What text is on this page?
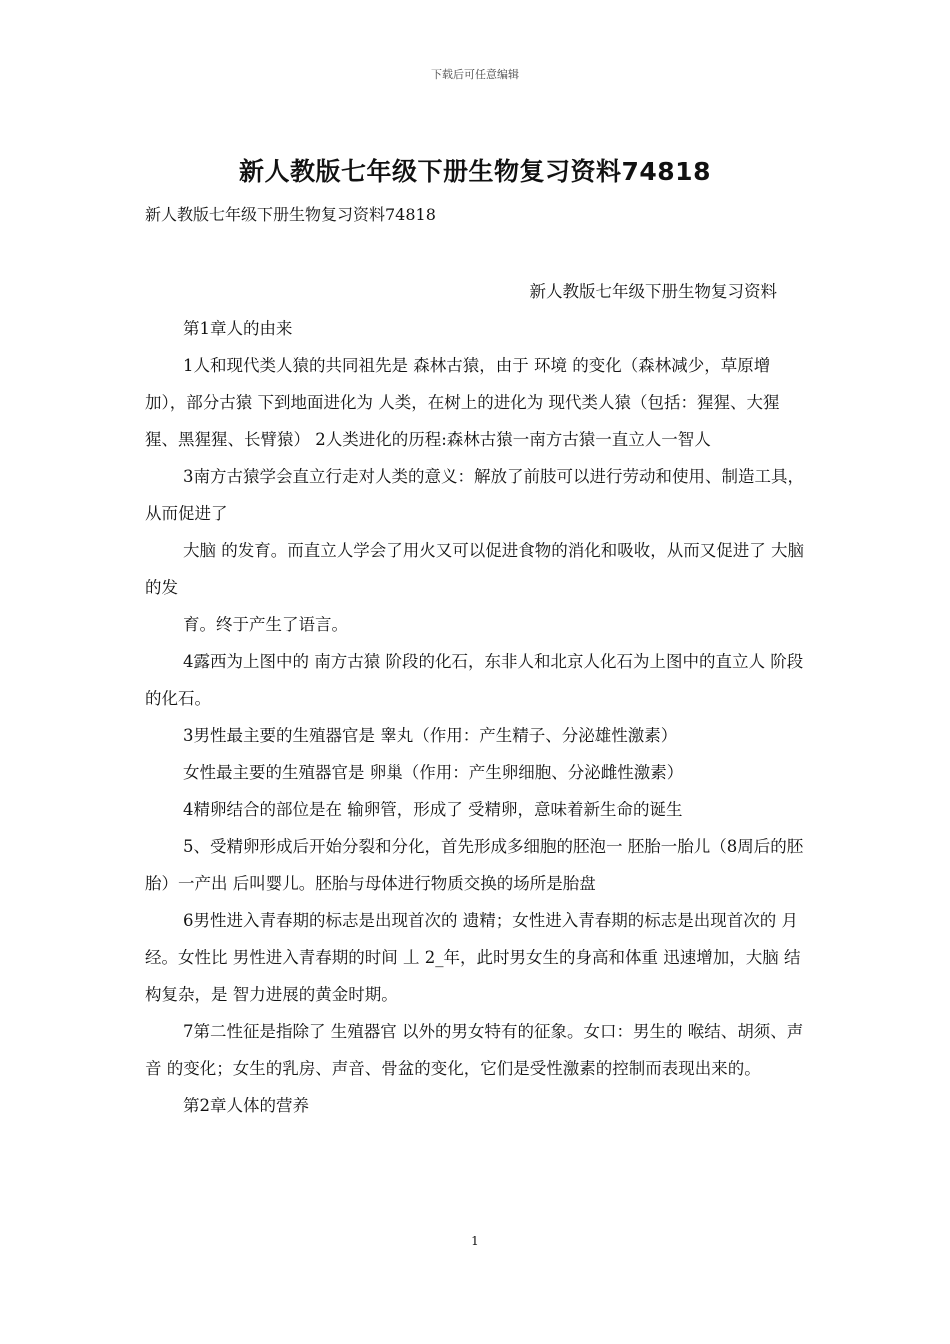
下载后可任意编辑
新人教版七年级下册生物复习资料74818
新人教版七年级下册生物复习资料74818

新人教版七年级下册生物复习资料

第1章人的由来

1人和现代类人猿的共同祖先是 森林古猿，由于 环境 的变化（森林减少，草原增加），部分古猿 下到地面进化为 人类，在树上的进化为 现代类人猿（包括：猩猩、大猩猩、黑猩猩、长臂猿） 2人类进化的历程:森林古猿一南方古猿一直立人一智人

3南方古猿学会直立行走对人类的意义：解放了前肢可以进行劳动和使用、制造工具，从而促进了

大脑 的发育。而直立人学会了用火又可以促进食物的消化和吸收，从而又促进了 大脑 的发

育。终于产生了语言。

4露西为上图中的 南方古猿 阶段的化石，东非人和北京人化石为上图中的直立人 阶段的化石。

3男性最主要的生殖器官是 睾丸（作用：产生精子、分泌雄性激素）

女性最主要的生殖器官是 卵巢（作用：产生卵细胞、分泌雌性激素）

4精卵结合的部位是在 输卵管，形成了 受精卵，意味着新生命的诞生

5、受精卵形成后开始分裂和分化，首先形成多细胞的胚泡一 胚胎一胎儿（8周后的胚胎）一产出 后叫婴儿。胚胎与母体进行物质交换的场所是胎盘

6男性进入青春期的标志是出现首次的 遗精；女性进入青春期的标志是出现首次的 月经。女性比 男性进入青春期的时间 丄 2_年，此时男女生的身高和体重 迅速增加，大脑 结构复杂，是 智力进展的黄金时期。

7第二性征是指除了 生殖器官 以外的男女特有的征象。女口：男生的 喉结、胡须、声音 的变化；女生的乳房、声音、骨盆的变化，它们是受性激素的控制而表现出来的。

第2章人体的营养

1
